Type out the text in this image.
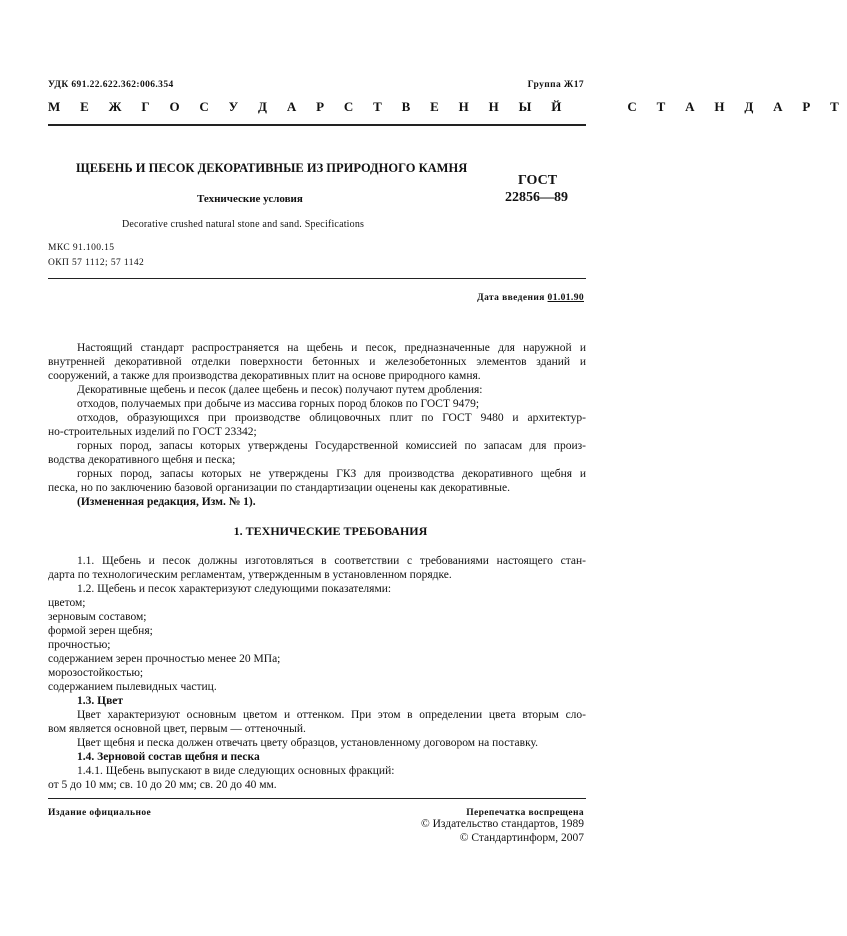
УДК 691.22.622.362:006.354	Группа Ж17
М Е Ж Г О С У Д А Р С Т В Е Н Н Ы Й     С Т А Н Д А Р Т
ЩЕБЕНЬ И ПЕСОК ДЕКОРАТИВНЫЕ ИЗ ПРИРОДНОГО КАМНЯ
Технические условия
Decorative crushed natural stone and sand. Specifications
ГОСТ
22856—89
МКС 91.100.15
ОКП 57 1112; 57 1142
Дата введения 01.01.90
Настоящий стандарт распространяется на щебень и песок, предназначенные для наружной и
внутренней декоративной отделки поверхности бетонных и железобетонных элементов зданий и
сооружений, а также для производства декоративных плит на основе природного камня.
Декоративные щебень и песок (далее щебень и песок) получают путем дробления:
отходов, получаемых при добыче из массива горных пород блоков по ГОСТ 9479;
отходов, образующихся при производстве облицовочных плит по ГОСТ 9480 и архитектур-
но-строительных изделий по ГОСТ 23342;
горных пород, запасы которых утверждены Государственной комиссией по запасам для произ-
водства декоративного щебня и песка;
горных пород, запасы которых не утверждены ГКЗ для производства декоративного щебня и
песка, но по заключению базовой организации по стандартизации оценены как декоративные.
(Измененная редакция, Изм. № 1).
1. ТЕХНИЧЕСКИЕ ТРЕБОВАНИЯ
1.1. Щебень и песок должны изготовляться в соответствии с требованиями настоящего стан-
дарта по технологическим регламентам, утвержденным в установленном порядке.
1.2. Щебень и песок характеризуют следующими показателями:
цветом;
зерновым составом;
формой зерен щебня;
прочностью;
содержанием зерен прочностью менее 20 МПа;
морозостойкостью;
содержанием пылевидных частиц.
1.3. Цвет
Цвет характеризуют основным цветом и оттенком. При этом в определении цвета вторым сло-
вом является основной цвет, первым — оттеночный.
Цвет щебня и песка должен отвечать цвету образцов, установленному договором на поставку.
1.4. Зерновой состав щебня и песка
1.4.1. Щебень выпускают в виде следующих основных фракций:
от 5 до 10 мм; св. 10 до 20 мм; св. 20 до 40 мм.
Издание официальное	Перепечатка воспрещена
© Издательство стандартов, 1989
© Стандартинформ, 2007
